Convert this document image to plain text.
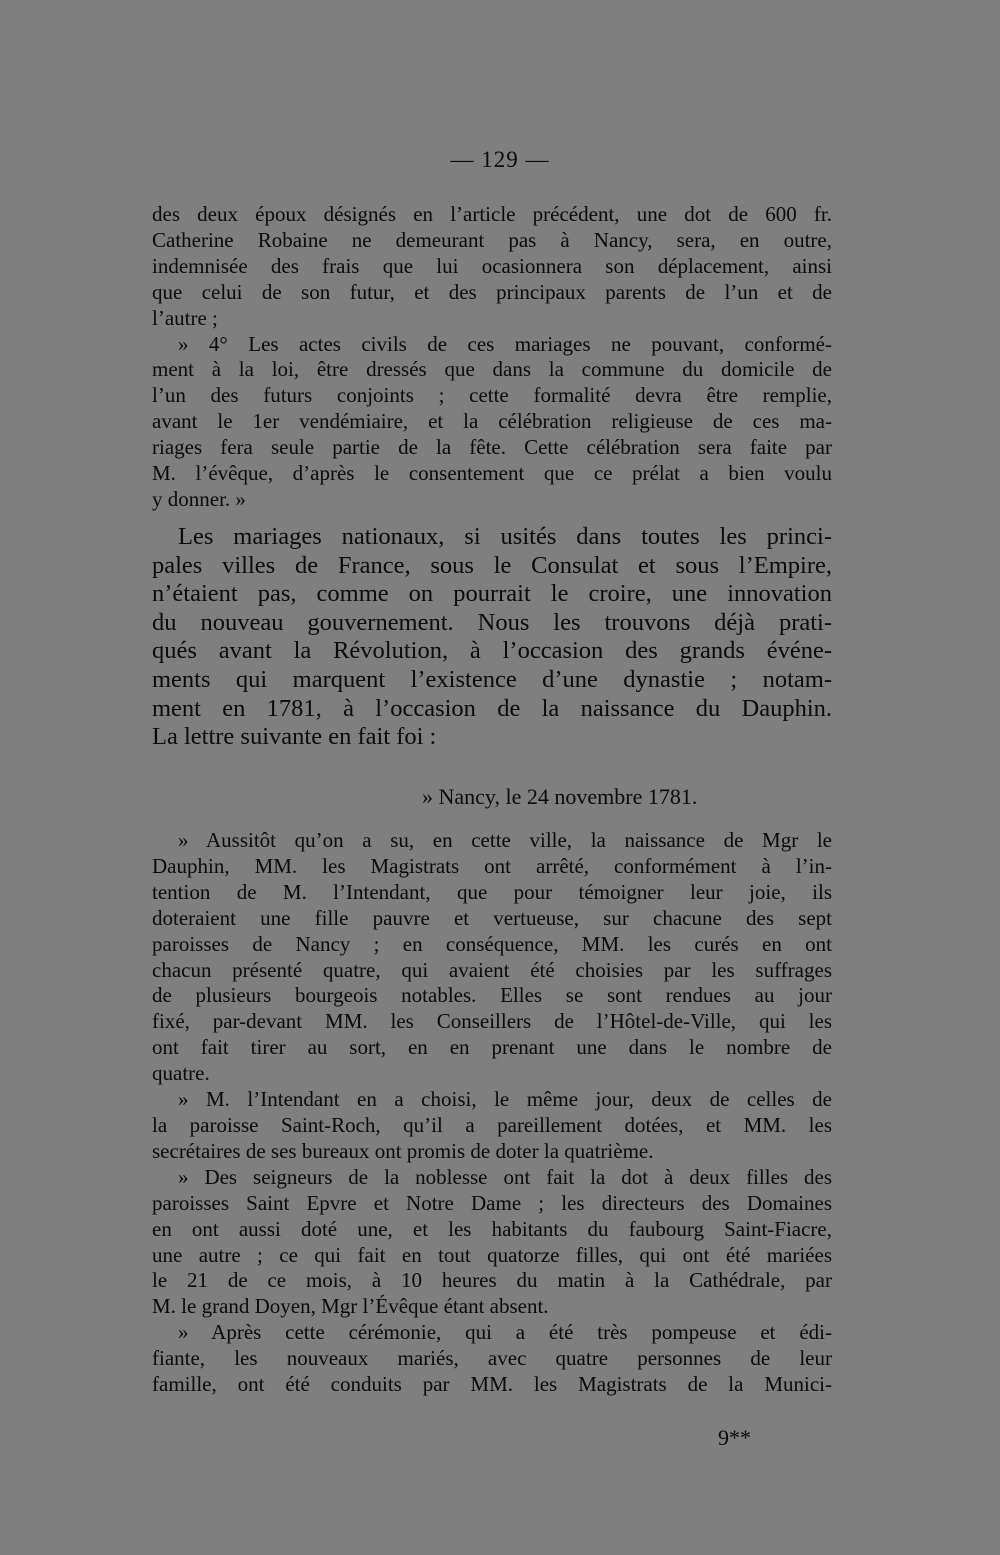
— 129 —
des deux époux désignés en l’article précédent, une dot de 600 fr.
Catherine Robaine ne demeurant pas à Nancy, sera, en outre,
indemnisée des frais que lui ocasionnera son déplacement, ainsi
que celui de son futur, et des principaux parents de l’un et de
l’autre ;
» 4° Les actes civils de ces mariages ne pouvant, conformé-
ment à la loi, être dressés que dans la commune du domicile de
l’un des futurs conjoints ; cette formalité devra être remplie,
avant le 1er vendémiaire, et la célébration religieuse de ces ma-
riages fera seule partie de la fête. Cette célébration sera faite par
M. l’évêque, d’après le consentement que ce prélat a bien voulu
y donner. »
Les mariages nationaux, si usités dans toutes les princi-
pales villes de France, sous le Consulat et sous l’Empire,
n’étaient pas, comme on pourrait le croire, une innovation
du nouveau gouvernement. Nous les trouvons déjà prati-
qués avant la Révolution, à l’occasion des grands événe-
ments qui marquent l’existence d’une dynastie ; notam-
ment en 1781, à l’occasion de la naissance du Dauphin.
La lettre suivante en fait foi :
» Nancy, le 24 novembre 1781.
» Aussitôt qu’on a su, en cette ville, la naissance de Mgr le
Dauphin, MM. les Magistrats ont arrêté, conformément à l’in-
tention de M. l’Intendant, que pour témoigner leur joie, ils
doteraient une fille pauvre et vertueuse, sur chacune des sept
paroisses de Nancy ; en conséquence, MM. les curés en ont
chacun présenté quatre, qui avaient été choisies par les suffrages
de plusieurs bourgeois notables. Elles se sont rendues au jour
fixé, par-devant MM. les Conseillers de l’Hôtel-de-Ville, qui les
ont fait tirer au sort, en en prenant une dans le nombre de
quatre.
» M. l’Intendant en a choisi, le même jour, deux de celles de
la paroisse Saint-Roch, qu’il a pareillement dotées, et MM. les
secrétaires de ses bureaux ont promis de doter la quatrième.
» Des seigneurs de la noblesse ont fait la dot à deux filles des
paroisses Saint Epvre et Notre Dame ; les directeurs des Domaines
en ont aussi doté une, et les habitants du faubourg Saint-Fiacre,
une autre ; ce qui fait en tout quatorze filles, qui ont été mariées
le 21 de ce mois, à 10 heures du matin à la Cathédrale, par
M. le grand Doyen, Mgr l’Évêque étant absent.
» Après cette cérémonie, qui a été très pompeuse et édi-
fiante, les nouveaux mariés, avec quatre personnes de leur
famille, ont été conduits par MM. les Magistrats de la Munici-
9**
